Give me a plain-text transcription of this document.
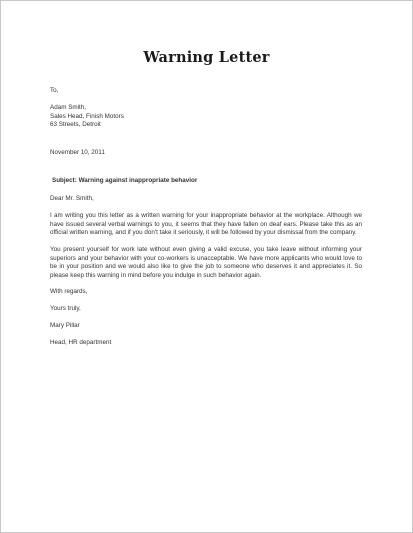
Warning Letter
To,
Adam Smith,
Sales Head, Finish Motors
63 Streets, Detroit
November 10, 2011
Subject: Warning against inappropriate behavior
Dear Mr. Smith,

I am writing you this letter as a written warning for your inappropriate behavior at the workplace. Although we have issued several verbal warnings to you, it seems that they have fallen on deaf ears. Please take this as an official written warning, and if you don't take it seriously, it will be followed by your dismissal from the company.

You present yourself for work late without even giving a valid excuse, you take leave without informing your superiors and your behavior with your co-workers is unacceptable. We have more applicants who would love to be in your position and we would also like to give the job to someone who deserves it and appreciates it. So please keep this warning in mind before you indulge in such behavior again.

With regards,
Yours truly,
Mary Pillar
Head, HR department
